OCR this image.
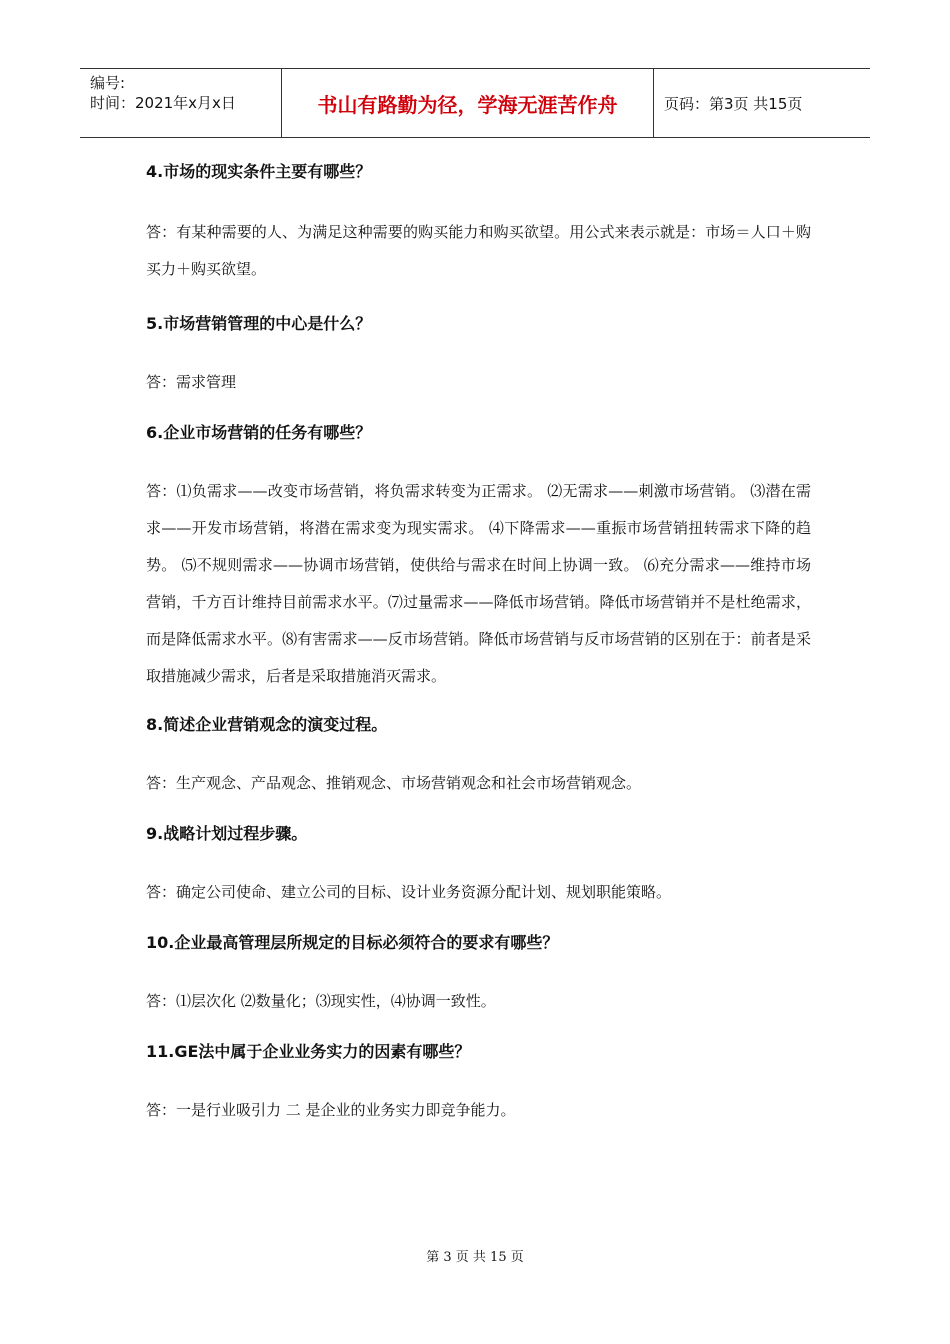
编号:
时间：2021年x月x日	书山有路勤为径，学海无涯苦作舟	页码：第3页 共15页

4.市场的现实条件主要有哪些？

答：有某种需要的人、为满足这种需要的购买能力和购买欲望。用公式来表示就是：市场＝人口＋购买力＋购买欲望。

5.市场营销管理的中心是什么？

答：需求管理

6.企业市场营销的任务有哪些？

答：⑴负需求——改变市场营销，将负需求转变为正需求。 ⑵无需求——刺激市场营销。 ⑶潜在需求——开发市场营销，将潜在需求变为现实需求。 ⑷下降需求——重振市场营销扭转需求下降的趋势。 ⑸不规则需求——协调市场营销，使供给与需求在时间上协调一致。 ⑹充分需求——维持市场营销，千方百计维持目前需求水平。⑺过量需求——降低市场营销。降低市场营销并不是杜绝需求，而是降低需求水平。⑻有害需求——反市场营销。降低市场营销与反市场营销的区别在于：前者是采取措施减少需求，后者是采取措施消灭需求。

8.简述企业营销观念的演变过程。

答：生产观念、产品观念、推销观念、市场营销观念和社会市场营销观念。

9.战略计划过程步骤。

答：确定公司使命、建立公司的目标、设计业务资源分配计划、规划职能策略。

10.企业最高管理层所规定的目标必须符合的要求有哪些？

答：⑴层次化 ⑵数量化；⑶现实性，⑷协调一致性。

11.GE法中属于企业业务实力的因素有哪些？

答：一是行业吸引力 二 是企业的业务实力即竞争能力。

第 3 页 共 15 页
